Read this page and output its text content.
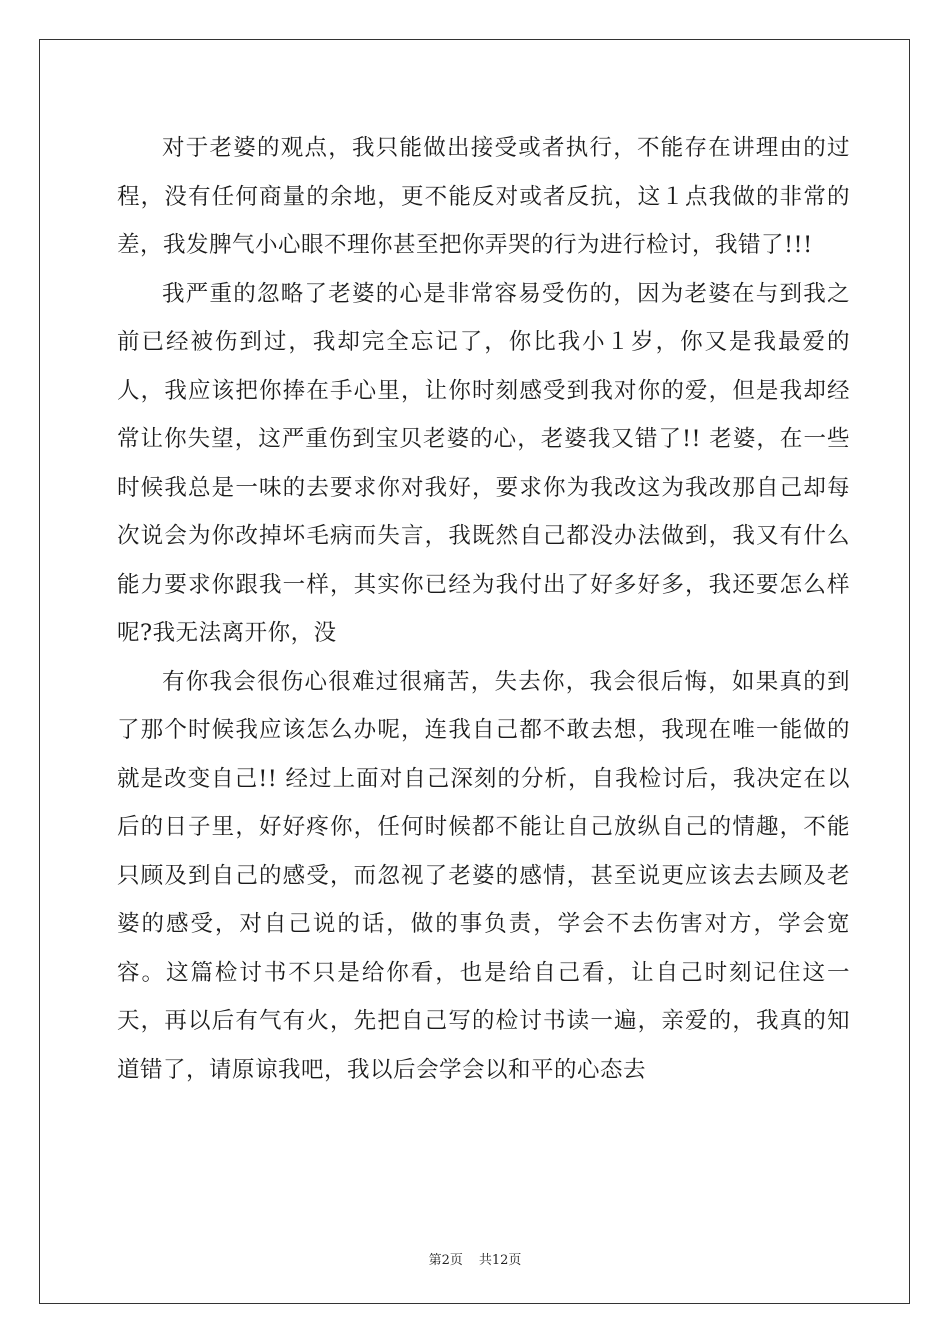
对于老婆的观点，我只能做出接受或者执行，不能存在讲理由的过程，没有任何商量的余地，更不能反对或者反抗，这１点我做的非常的差，我发脾气小心眼不理你甚至把你弄哭的行为进行检讨，我错了!!!

我严重的忽略了老婆的心是非常容易受伤的，因为老婆在与到我之前已经被伤到过，我却完全忘记了，你比我小１岁，你又是我最爱的人，我应该把你捧在手心里，让你时刻感受到我对你的爱，但是我却经常让你失望，这严重伤到宝贝老婆的心，老婆我又错了!! 老婆，在一些时候我总是一味的去要求你对我好，要求你为我改这为我改那自己却每次说会为你改掉坏毛病而失言，我既然自己都没办法做到，我又有什么能力要求你跟我一样，其实你已经为我付出了好多好多，我还要怎么样呢?我无法离开你，没

有你我会很伤心很难过很痛苦，失去你，我会很后悔，如果真的到了那个时候我应该怎么办呢，连我自己都不敢去想，我现在唯一能做的就是改变自己!! 经过上面对自己深刻的分析，自我检讨后，我决定在以后的日子里，好好疼你，任何时候都不能让自己放纵自己的情趣，不能只顾及到自己的感受，而忽视了老婆的感情，甚至说更应该去去顾及老婆的感受，对自己说的话，做的事负责，学会不去伤害对方，学会宽容。这篇检讨书不只是给你看，也是给自己看，让自己时刻记住这一天，再以后有气有火，先把自己写的检讨书读一遍，亲爱的，我真的知道错了，请原谅我吧，我以后会学会以和平的心态去

第2页 共12页
